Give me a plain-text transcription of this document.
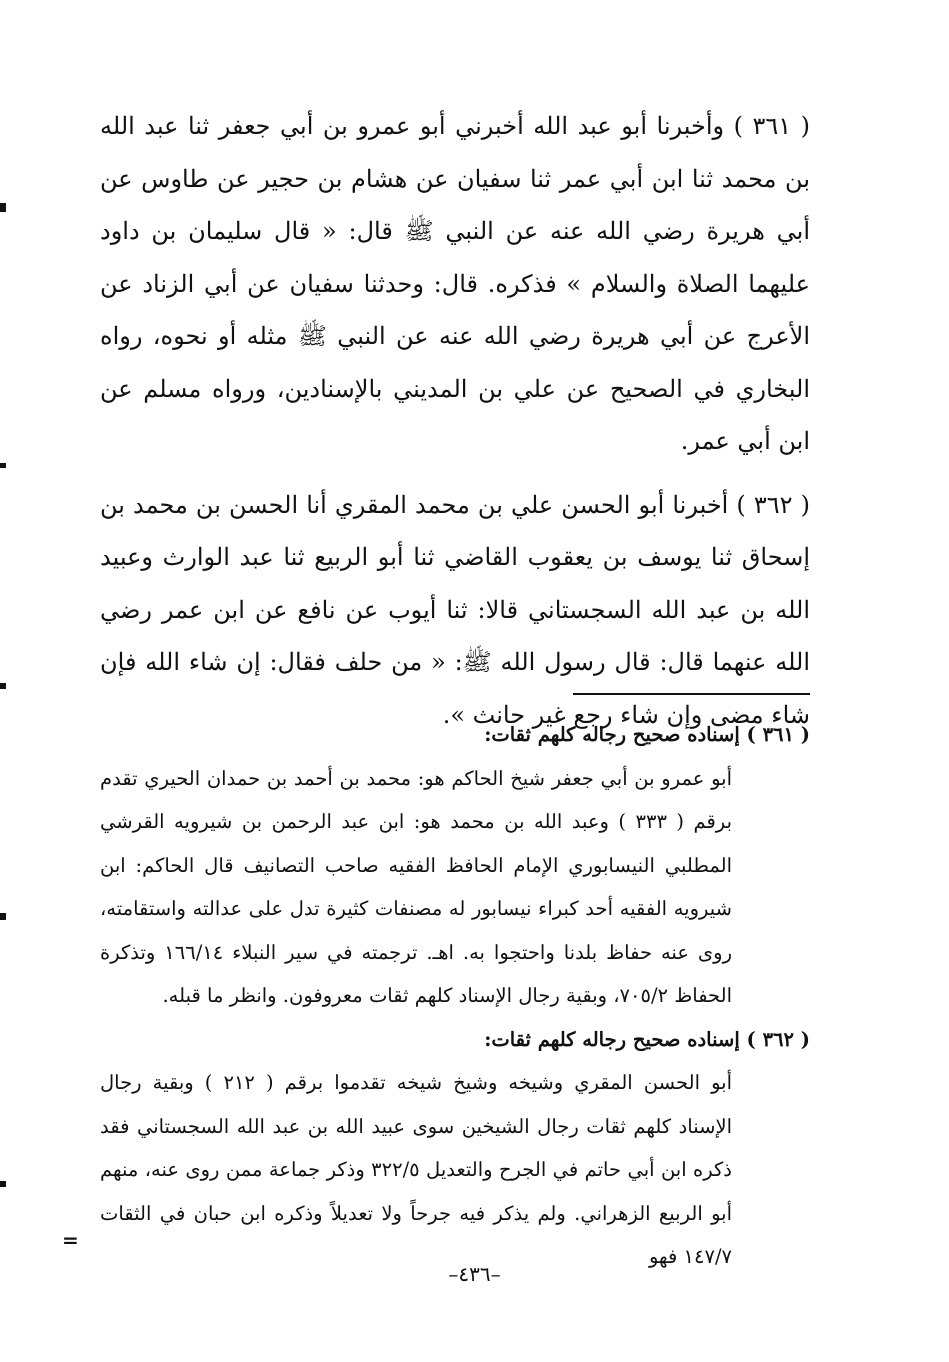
( ٣٦١ ) وأخبرنا أبو عبد الله أخبرني أبو عمرو بن أبي جعفر ثنا عبد الله بن محمد ثنا ابن أبي عمر ثنا سفيان عن هشام بن حجير عن طاوس عن أبي هريرة رضي الله عنه عن النبي ﷺ قال: « قال سليمان بن داود عليهما الصلاة والسلام » فذكره. قال: وحدثنا سفيان عن أبي الزناد عن الأعرج عن أبي هريرة رضي الله عنه عن النبي ﷺ مثله أو نحوه، رواه البخاري في الصحيح عن علي بن المديني بالإسنادين، ورواه مسلم عن ابن أبي عمر.

( ٣٦٢ ) أخبرنا أبو الحسن علي بن محمد المقري أنا الحسن بن محمد بن إسحاق ثنا يوسف بن يعقوب القاضي ثنا أبو الربيع ثنا عبد الوارث وعبيد الله بن عبد الله السجستاني قالا: ثنا أيوب عن نافع عن ابن عمر رضي الله عنهما قال: قال رسول الله ﷺ: « من حلف فقال: إن شاء الله فإن شاء مضى وإن شاء رجع غير حانث ».

( ٣٦١ ) إسناده صحيح رجاله كلهم ثقات:

أبو عمرو بن أبي جعفر شيخ الحاكم هو: محمد بن أحمد بن حمدان الحيري تقدم برقم ( ٣٣٣ ) وعبد الله بن محمد هو: ابن عبد الرحمن بن شيرويه القرشي المطلبي النيسابوري الإمام الحافظ الفقيه صاحب التصانيف قال الحاكم: ابن شيرويه الفقيه أحد كبراء نيسابور له مصنفات كثيرة تدل على عدالته واستقامته، روى عنه حفاظ بلدنا واحتجوا به. اهـ. ترجمته في سير النبلاء ١٦٦/١٤ وتذكرة الحفاظ ٧٠٥/٢، وبقية رجال الإسناد كلهم ثقات معروفون. وانظر ما قبله.

( ٣٦٢ ) إسناده صحيح رجاله كلهم ثقات:

أبو الحسن المقري وشيخه وشيخ شيخه تقدموا برقم ( ٢١٢ ) وبقية رجال الإسناد كلهم ثقات رجال الشيخين سوى عبيد الله بن عبد الله السجستاني فقد ذكره ابن أبي حاتم في الجرح والتعديل ٣٢٢/٥ وذكر جماعة ممن روى عنه، منهم أبو الربيع الزهراني. ولم يذكر فيه جرحاً ولا تعديلاً وذكره ابن حبان في الثقات ١٤٧/٧ فهو

=
–٤٣٦–
